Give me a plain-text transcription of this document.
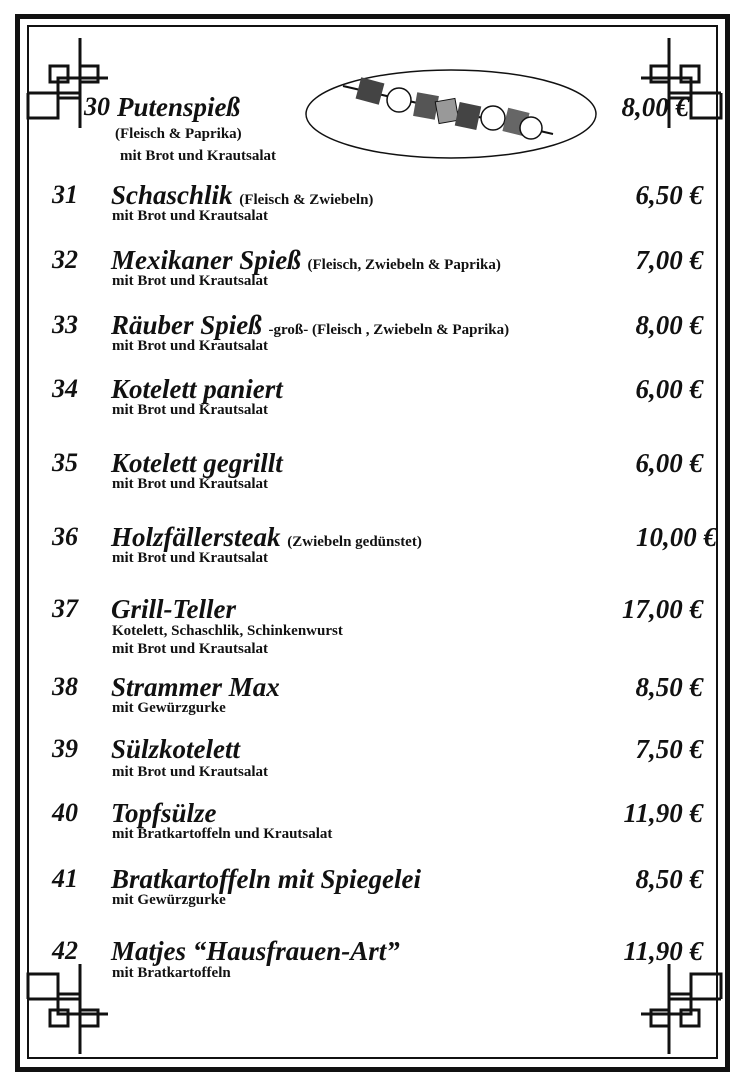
30 Putenspieß	8,00 €
(Fleisch & Paprika)
mit Brot und Krautsalat
31 Schaschlik (Fleisch & Zwiebeln)	6,50 €
mit Brot und Krautsalat
32 Mexikaner Spieß (Fleisch, Zwiebeln & Paprika)	7,00 €
mit Brot und Krautsalat
33 Räuber Spieß -groß- (Fleisch , Zwiebeln & Paprika)	8,00 €
mit Brot und Krautsalat
34 Kotelett paniert	6,00 €
mit Brot und Krautsalat
35 Kotelett gegrillt	6,00 €
mit Brot und Krautsalat
36 Holzfällersteak (Zwiebeln gedünstet)	10,00 €
mit Brot und Krautsalat
37 Grill-Teller	17,00 €
Kotelett, Schaschlik, Schinkenwurst
mit Brot und Krautsalat
38 Strammer Max	8,50 €
mit Gewürzgurke
39 Sülzkotelett	7,50 €
mit Brot und Krautsalat
40 Topfsülze	11,90 €
mit Bratkartoffeln und Krautsalat
41 Bratkartoffeln mit Spiegelei	8,50 €
mit Gewürzgurke
42 Matjes “Hausfrauen-Art”	11,90 €
mit Bratkartoffeln
